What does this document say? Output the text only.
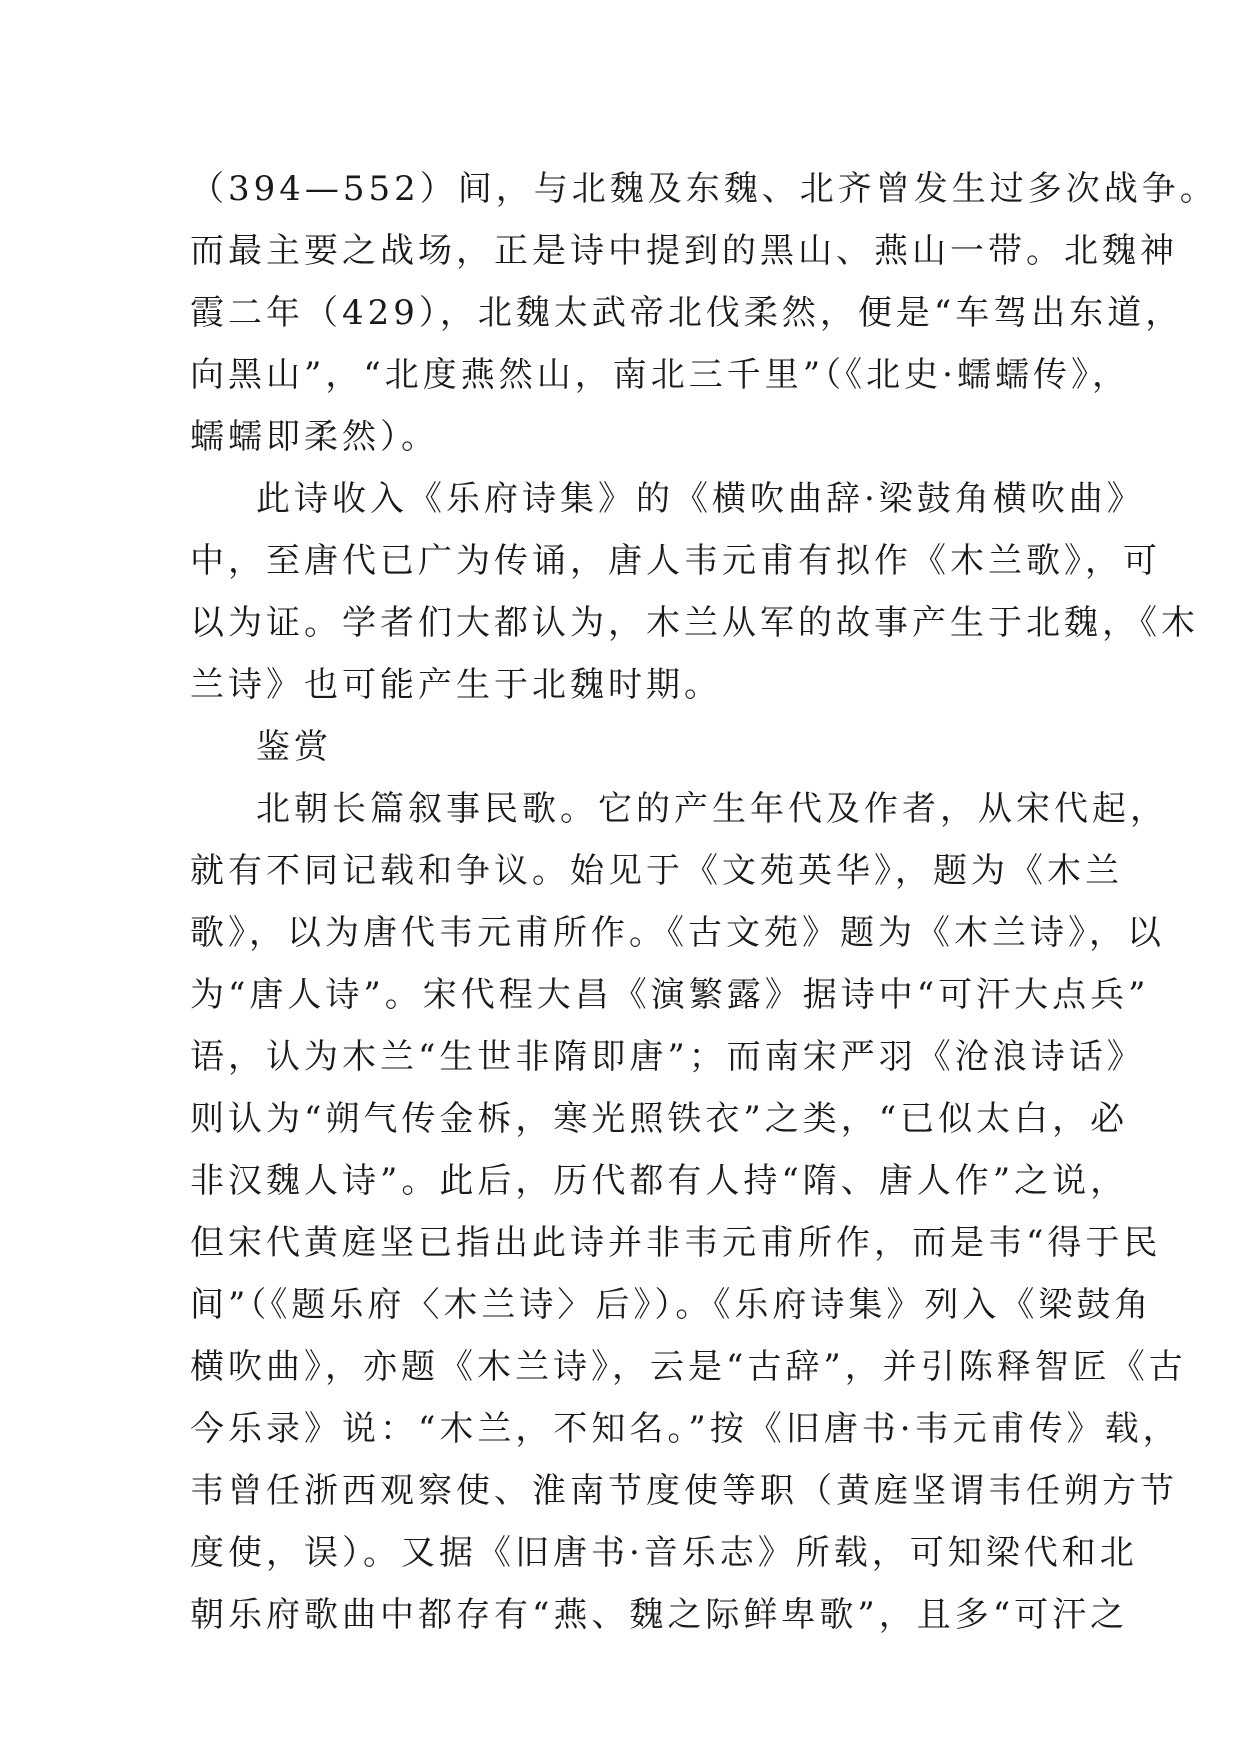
（394—552）间，与北魏及东魏、北齐曾发生过多次战争。
而最主要之战场，正是诗中提到的黑山、燕山一带。北魏神
霞二年（429），北魏太武帝北伐柔然，便是“车驾出东道，
向黑山”，“北度燕然山，南北三千里”（《北史·蠕蠕传》，
蠕蠕即柔然）。
此诗收入《乐府诗集》的《横吹曲辞·梁鼓角横吹曲》
中，至唐代已广为传诵，唐人韦元甫有拟作《木兰歌》，可
以为证。学者们大都认为，木兰从军的故事产生于北魏，《木
兰诗》也可能产生于北魏时期。
鉴赏
北朝长篇叙事民歌。它的产生年代及作者，从宋代起，
就有不同记载和争议。始见于《文苑英华》，题为《木兰
歌》，以为唐代韦元甫所作。《古文苑》题为《木兰诗》，以
为“唐人诗”。宋代程大昌《演繁露》据诗中“可汗大点兵”
语，认为木兰“生世非隋即唐”；而南宋严羽《沧浪诗话》
则认为“朔气传金柝，寒光照铁衣”之类，“已似太白，必
非汉魏人诗”。此后，历代都有人持“隋、唐人作”之说，
但宋代黄庭坚已指出此诗并非韦元甫所作，而是韦“得于民
间”（《题乐府〈木兰诗〉后》）。《乐府诗集》列入《梁鼓角
横吹曲》，亦题《木兰诗》，云是“古辞”，并引陈释智匠《古
今乐录》说：“木兰，不知名。”按《旧唐书·韦元甫传》载，
韦曾任浙西观察使、淮南节度使等职（黄庭坚谓韦任朔方节
度使，误）。又据《旧唐书·音乐志》所载，可知梁代和北
朝乐府歌曲中都存有“燕、魏之际鲜卑歌”，且多“可汗之
